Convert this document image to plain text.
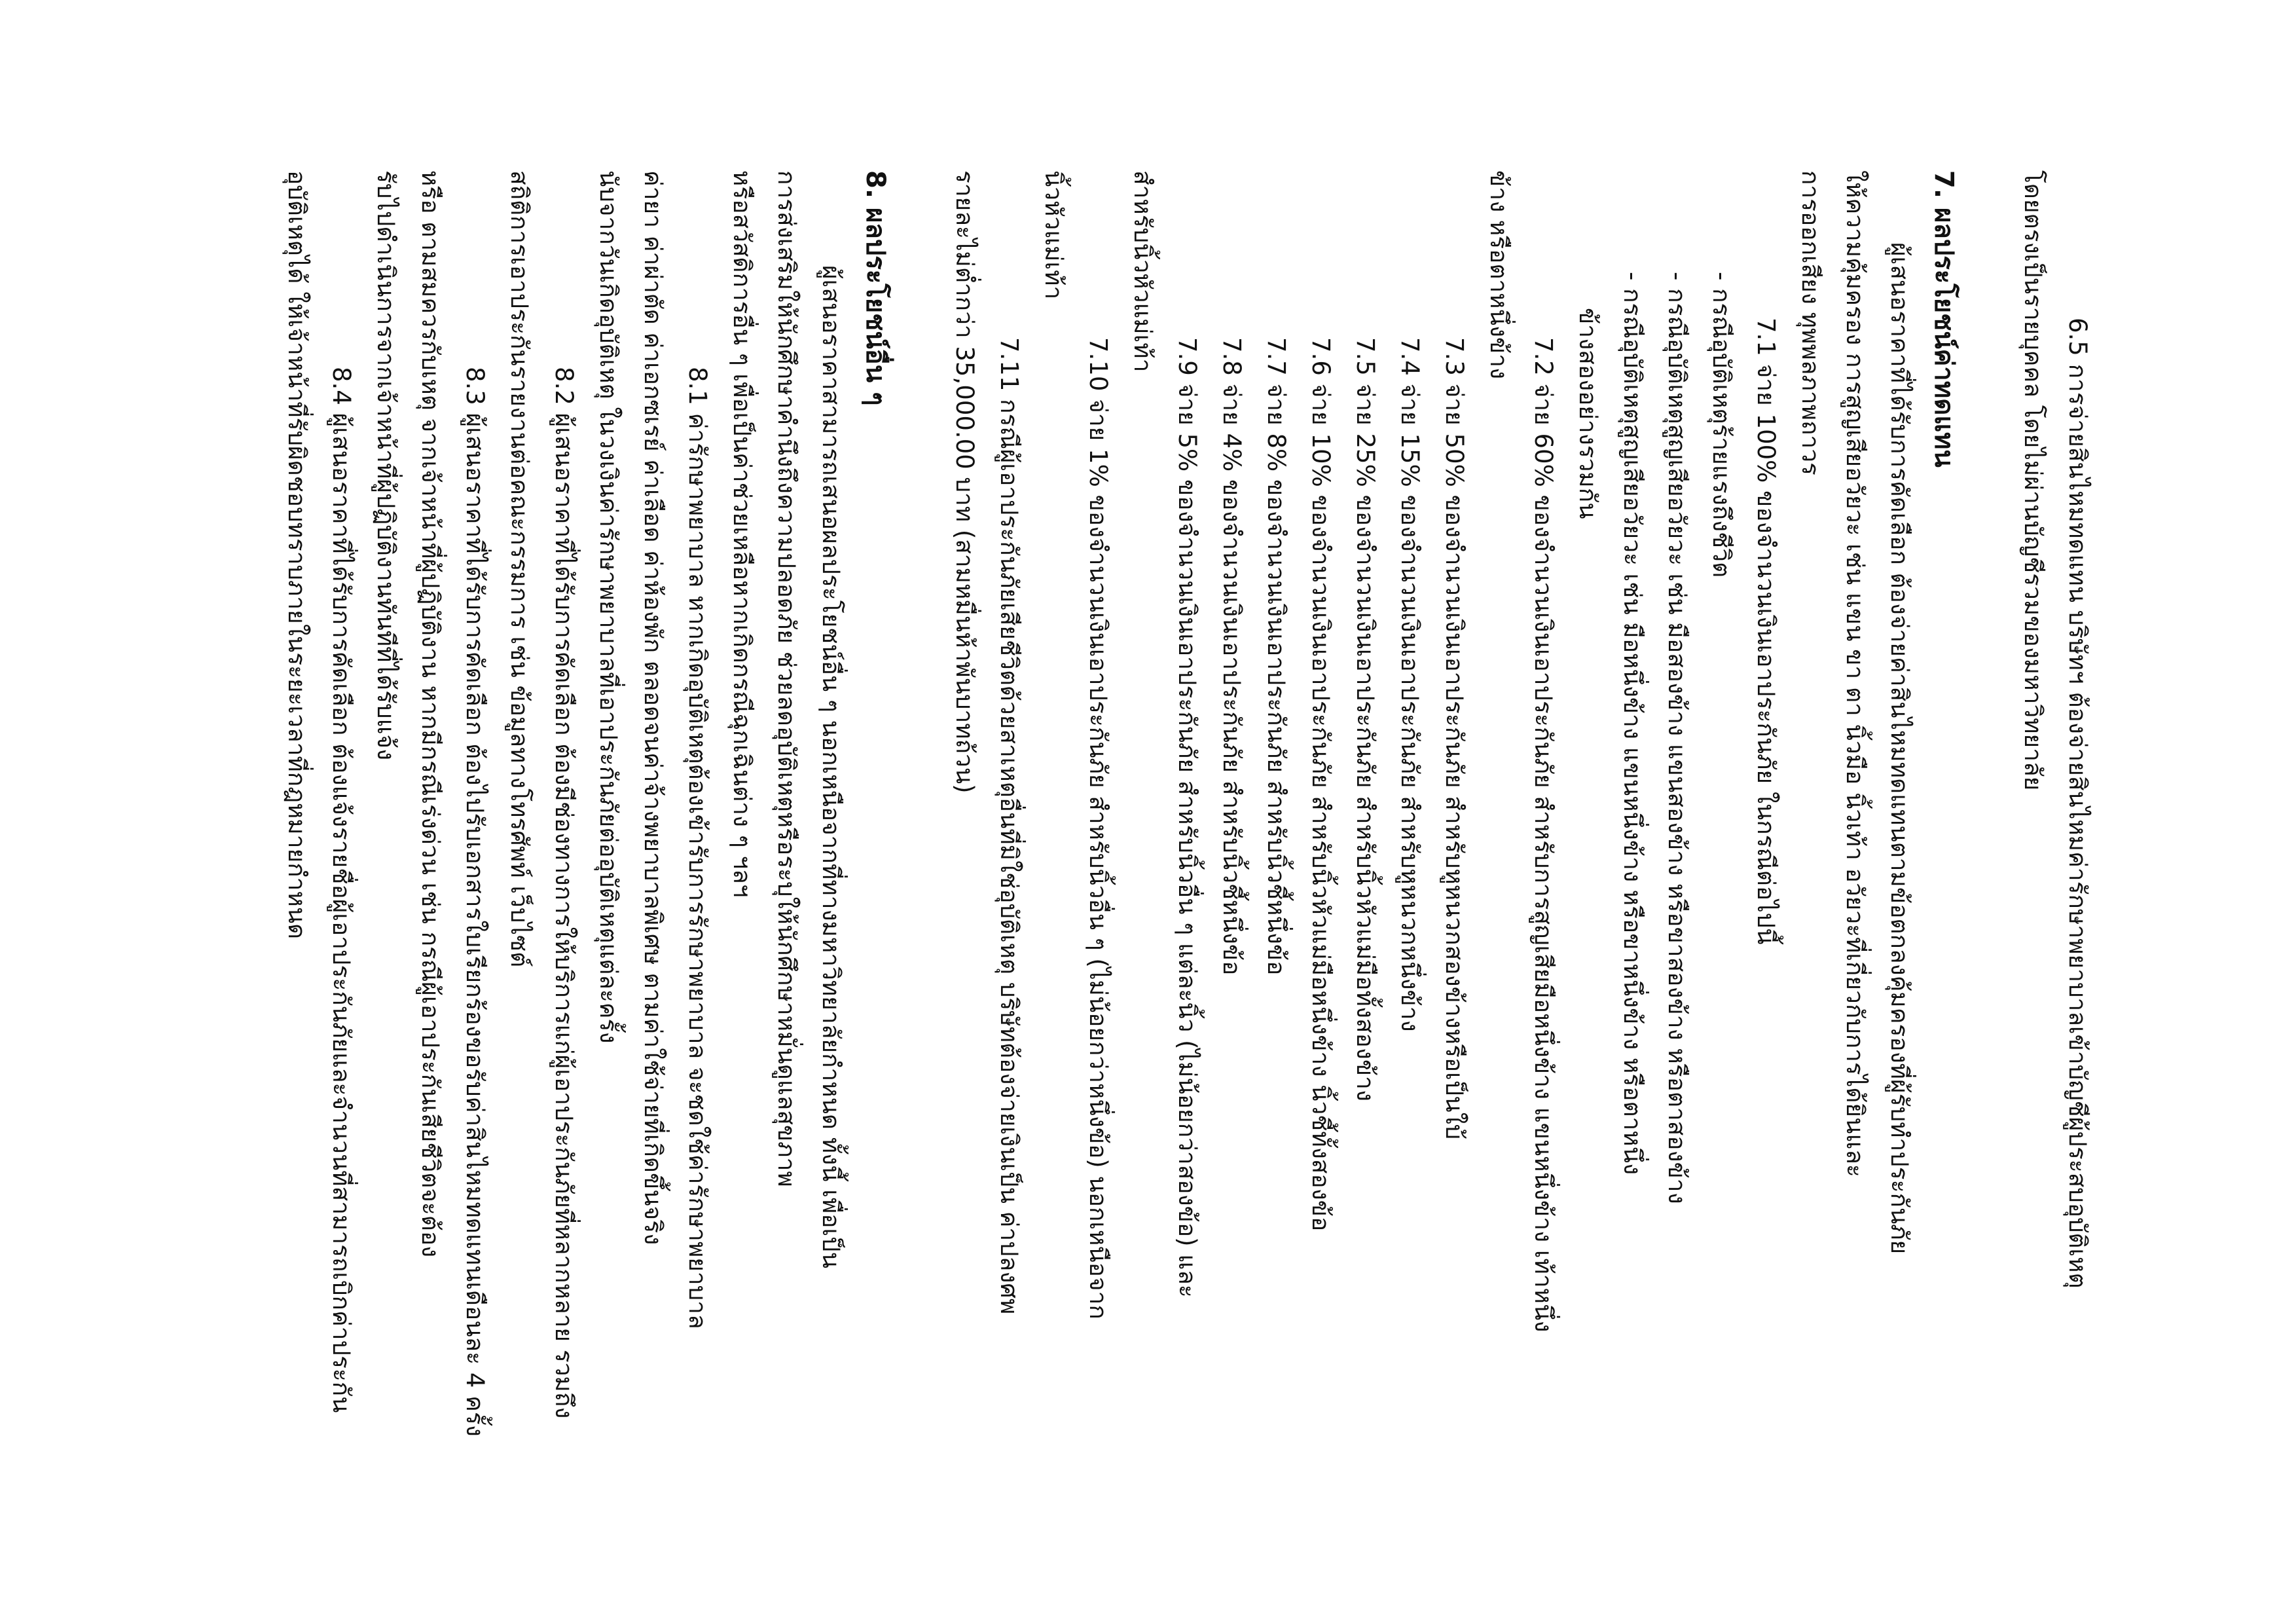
6.5 การจ่ายสินไหมทดแทน บริษัทฯ ต้องจ่ายสินไหมค่ารักษาพยาบาลเข้าบัญชีผู้ประสบอุบัติเหตุ

โดยตรงเป็นรายบุคคล โดยไม่ผ่านบัญชีรวมของมหาวิทยาลัย

7. ผลประโยชน์ค่าทดแทน

ผู้เสนอราคาที่ได้รับการคัดเลือก ต้องจ่ายค่าสินไหมทดแทนตามข้อตกลงคุ้มครองที่ผู้รับทำประกันภัย

ให้ความคุ้มครอง การสูญเสียอวัยวะ เช่น แขน ขา ตา นิ้วมือ นิ้วเท้า อวัยวะที่เกี่ยวกับการได้ยินและ

การออกเสียง ทุพพลภาพถาวร

7.1 จ่าย 100% ของจำนวนเงินเอาประกันภัย ในกรณีต่อไปนี้

- กรณีอุบัติเหตุร้ายแรงถึงชีวิต

- กรณีอุบัติเหตุสูญเสียอวัยวะ เช่น มือสองข้าง แขนสองข้าง หรือขาสองข้าง หรือตาสองข้าง

- กรณีอุบัติเหตุสูญเสียอวัยวะ เช่น มือหนึ่งข้าง แขนหนึ่งข้าง หรือขาหนึ่งข้าง หรือตาหนึ่ง

ข้างสองอย่างรวมกัน

7.2 จ่าย 60% ของจำนวนเงินเอาประกันภัย สำหรับการสูญเสียมือหนึ่งข้าง แขนหนึ่งข้าง เท้าหนึ่ง

ข้าง หรือตาหนึ่งข้าง

7.3 จ่าย 50% ของจำนวนเงินเอาประกันภัย สำหรับหูหนวกสองข้างหรือเป็นใบ้

7.4 จ่าย 15% ของจำนวนเงินเอาประกันภัย สำหรับหูหนวกหนึ่งข้าง

7.5 จ่าย 25% ของจำนวนเงินเอาประกันภัย สำหรับนิ้วหัวแม่มือทั้งสองข้าง

7.6 จ่าย 10% ของจำนวนเงินเอาประกันภัย สำหรับนิ้วหัวแม่มือหนึ่งข้าง นิ้วชี้ทั้งสองข้อ

7.7 จ่าย 8% ของจำนวนเงินเอาประกันภัย สำหรับนิ้วชี้หนึ่งข้อ

7.8 จ่าย 4% ของจำนวนเงินเอาประกันภัย สำหรับนิ้วชี้หนึ่งข้อ

7.9 จ่าย 5% ของจำนวนเงินเอาประกันภัย สำหรับนิ้วอื่น ๆ แต่ละนิ้ว (ไม่น้อยกว่าสองข้อ) และ

สำหรับนิ้วหัวแม่เท้า

7.10 จ่าย 1% ของจำนวนเงินเอาประกันภัย สำหรับนิ้วอื่น ๆ (ไม่น้อยกว่าหนึ่งข้อ) นอกเหนือจาก

นิ้วหัวแม่เท้า

7.11 กรณีผู้เอาประกันภัยเสียชีวิตด้วยสาเหตุอื่นที่มิใช่อุบัติเหตุ บริษัทต้องจ่ายเงินเป็น ค่าปลงศพ

รายละไม่ต่ำกว่า 35,000.00 บาท (สามหมื่นห้าพันบาทถ้วน)

8. ผลประโยชน์อื่น ๆ

ผู้เสนอราคาสามารถเสนอผลประโยชน์อื่น ๆ นอกเหนือจากที่ทางมหาวิทยาลัยกำหนด ทั้งนี้ เพื่อเป็น

การส่งเสริมให้นักศึกษาคำนึงถึงความปลอดภัย ช่วยลดอุบัติเหตุหรือระบุให้นักศึกษาหมั่นดูแลสุขภาพ

หรือสวัสดิการอื่น ๆ เพื่อเป็นค่าช่วยเหลือหากเกิดกรณีฉุกเฉินต่าง ๆ ฯลฯ

8.1 ค่ารักษาพยาบาล หากเกิดอุบัติเหตุต้องเข้ารับการรักษาพยาบาล จะชดใช้ค่ารักษาพยาบาล

ค่ายา ค่าผ่าตัด ค่าเอกซเรย์ ค่าเลือด ค่าห้องพัก ตลอดจนค่าจ้างพยาบาลพิเศษ ตามค่าใช้จ่ายที่เกิดขึ้นจริง

นับจากวันเกิดอุบัติเหตุ ในวงเงินค่ารักษาพยาบาลที่เอาประกันภัยต่ออุบัติเหตุแต่ละครั้ง

8.2 ผู้เสนอราคาที่ได้รับการคัดเลือก ต้องมีช่องทางการให้บริการแก่ผู้เอาประกันภัยที่หลากหลาย รวมถึง

สถิติการเอาประกันรายงานต่อคณะกรรมการ เช่น ข้อมูลทางโทรศัพท์ เว็บไซต์

8.3 ผู้เสนอราคาที่ได้รับการคัดเลือก ต้องไปรับเอกสารใบเรียกร้องขอรับค่าสินไหมทดแทนเดือนละ 4 ครั้ง

หรือ ตามสมควรกับเหตุ จากเจ้าหน้าที่ผู้ปฏิบัติงาน หากมีกรณีเร่งด่วน เช่น กรณีผู้เอาประกันเสียชีวิตจะต้อง

รับไปดำเนินการจากเจ้าหน้าที่ผู้ปฏิบัติงานทันทีที่ได้รับแจ้ง

8.4 ผู้เสนอราคาที่ได้รับการคัดเลือก ต้องแจ้งรายชื่อผู้เอาประกันภัยและจำนวนที่สามารถเบิกค่าประกัน

อุบัติเหตุได้ ให้เจ้าหน้าที่รับผิดชอบทราบภายในระยะเวลาที่กฎหมายกำหนด
